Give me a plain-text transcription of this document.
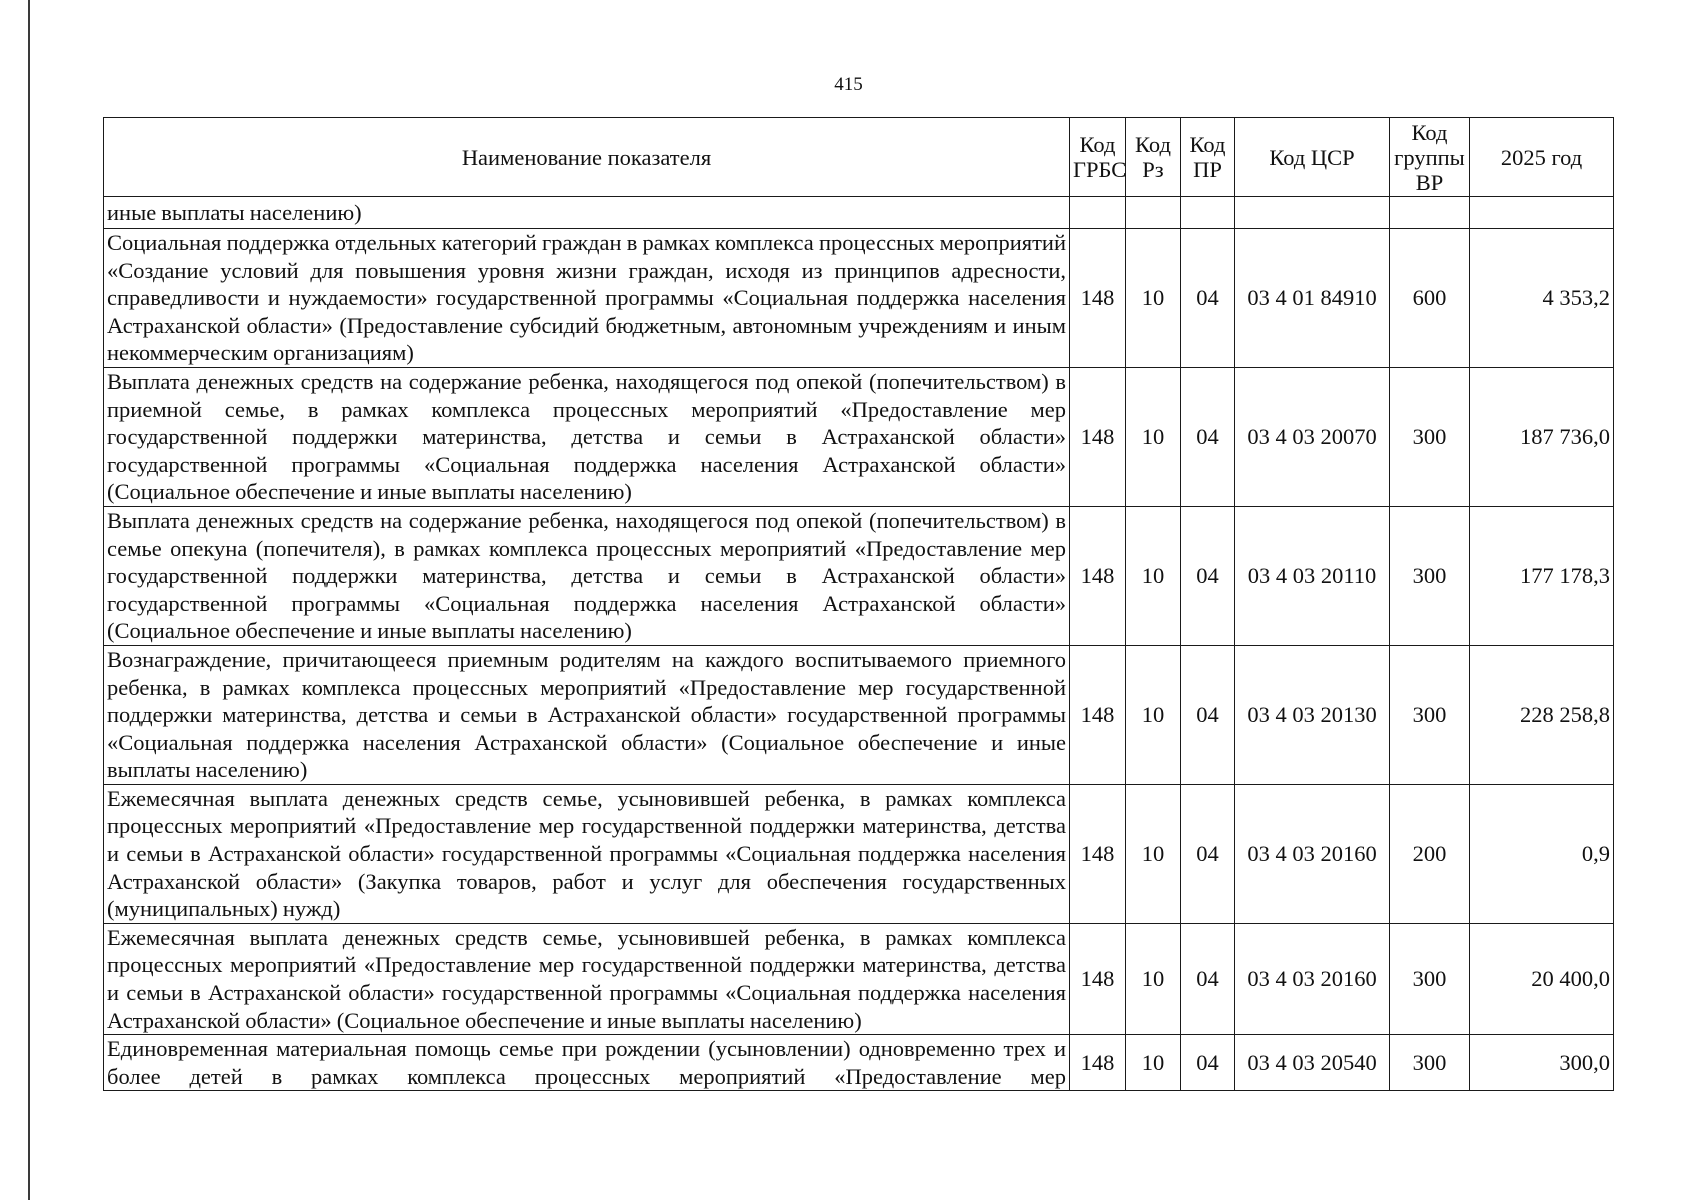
415
Наименование показателя	Код ГРБС	Код Рз	Код ПР	Код ЦСР	Код группы ВР	2025 год
иные выплаты населению)						
Социальная поддержка отдельных категорий граждан в рамках комплекса процессных мероприятий «Создание условий для повышения уровня жизни граждан, исходя из принципов адресности, справедливости и нуждаемости» государственной программы «Социальная поддержка населения Астраханской области» (Предоставление субсидий бюджетным, автономным учреждениям и иным некоммерческим организациям)	148	10	04	03 4 01 84910	600	4 353,2
Выплата денежных средств на содержание ребенка, находящегося под опекой (попечительством) в приемной семье, в рамках комплекса процессных мероприятий «Предоставление мер государственной поддержки материнства, детства и семьи в Астраханской области» государственной программы «Социальная поддержка населения Астраханской области» (Социальное обеспечение и иные выплаты населению)	148	10	04	03 4 03 20070	300	187 736,0
Выплата денежных средств на содержание ребенка, находящегося под опекой (попечительством) в семье опекуна (попечителя), в рамках комплекса процессных мероприятий «Предоставление мер государственной поддержки материнства, детства и семьи в Астраханской области» государственной программы «Социальная поддержка населения Астраханской области» (Социальное обеспечение и иные выплаты населению)	148	10	04	03 4 03 20110	300	177 178,3
Вознаграждение, причитающееся приемным родителям на каждого воспитываемого приемного ребенка, в рамках комплекса процессных мероприятий «Предоставление мер государственной поддержки материнства, детства и семьи в Астраханской области» государственной программы «Социальная поддержка населения Астраханской области» (Социальное обеспечение и иные выплаты населению)	148	10	04	03 4 03 20130	300	228 258,8
Ежемесячная выплата денежных средств семье, усыновившей ребенка, в рамках комплекса процессных мероприятий «Предоставление мер государственной поддержки материнства, детства и семьи в Астраханской области» государственной программы «Социальная поддержка населения Астраханской области» (Закупка товаров, работ и услуг для обеспечения государственных (муниципальных) нужд)	148	10	04	03 4 03 20160	200	0,9
Ежемесячная выплата денежных средств семье, усыновившей ребенка, в рамках комплекса процессных мероприятий «Предоставление мер государственной поддержки материнства, детства и семьи в Астраханской области» государственной программы «Социальная поддержка населения Астраханской области» (Социальное обеспечение и иные выплаты населению)	148	10	04	03 4 03 20160	300	20 400,0
Единовременная материальная помощь семье при рождении (усыновлении) одновременно трех и более детей в рамках комплекса процессных мероприятий «Предоставление мер	148	10	04	03 4 03 20540	300	300,0
